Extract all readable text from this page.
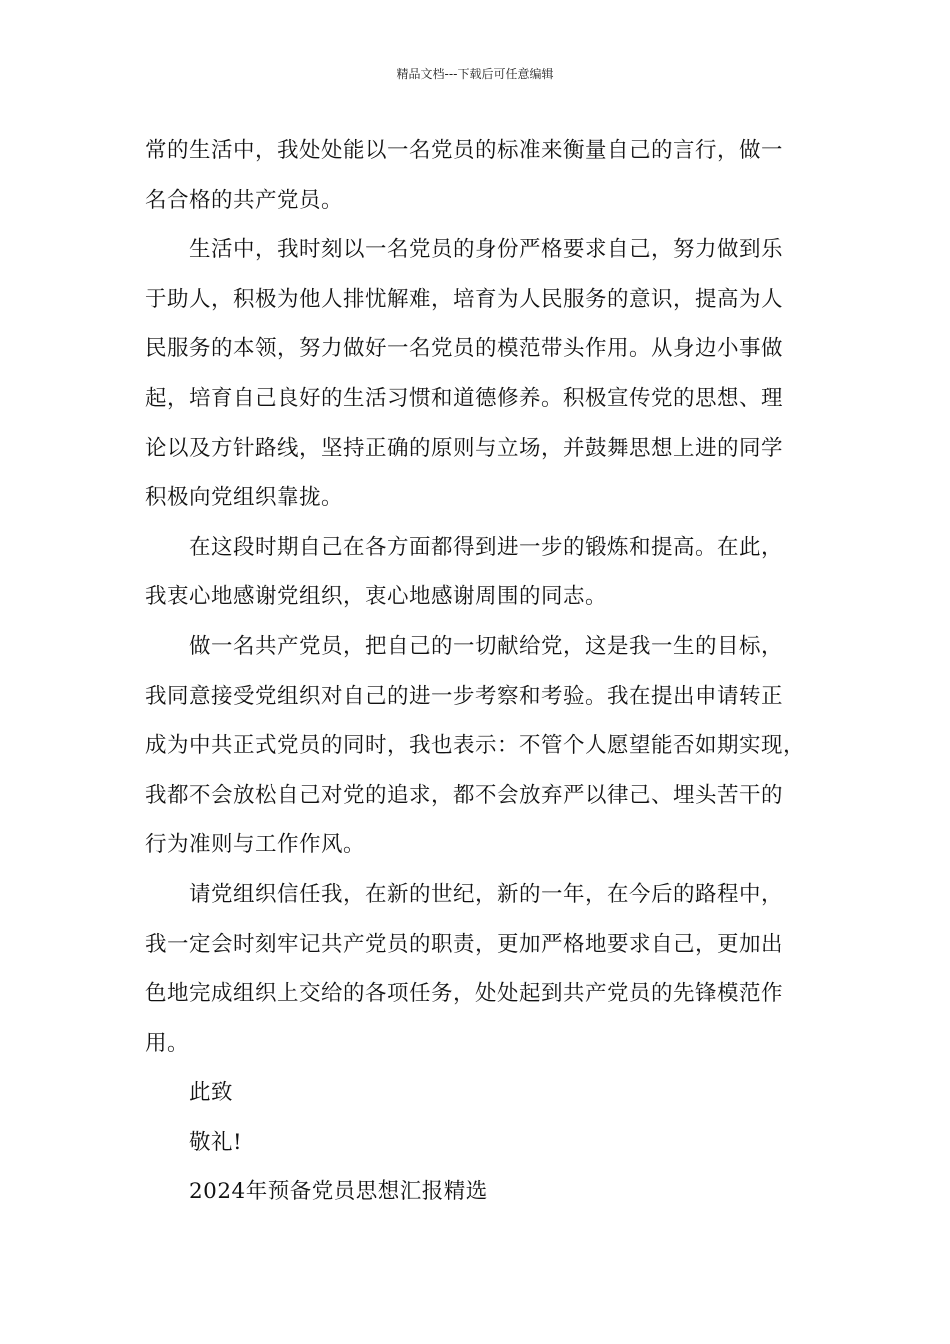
精品文档---下载后可任意编辑

常的生活中，我处处能以一名党员的标准来衡量自己的言行，做一
名合格的共产党员。

生活中，我时刻以一名党员的身份严格要求自己，努力做到乐
于助人，积极为他人排忧解难，培育为人民服务的意识，提高为人
民服务的本领，努力做好一名党员的模范带头作用。从身边小事做
起，培育自己良好的生活习惯和道德修养。积极宣传党的思想、理
论以及方针路线，坚持正确的原则与立场，并鼓舞思想上进的同学
积极向党组织靠拢。

在这段时期自己在各方面都得到进一步的锻炼和提高。在此，
我衷心地感谢党组织，衷心地感谢周围的同志。

做一名共产党员，把自己的一切献给党，这是我一生的目标，
我同意接受党组织对自己的进一步考察和考验。我在提出申请转正
成为中共正式党员的同时，我也表示：不管个人愿望能否如期实现，
我都不会放松自己对党的追求，都不会放弃严以律己、埋头苦干的
行为准则与工作作风。

请党组织信任我，在新的世纪，新的一年，在今后的路程中，
我一定会时刻牢记共产党员的职责，更加严格地要求自己，更加出
色地完成组织上交给的各项任务，处处起到共产党员的先锋模范作
用。

此致

敬礼!

2024年预备党员思想汇报精选
